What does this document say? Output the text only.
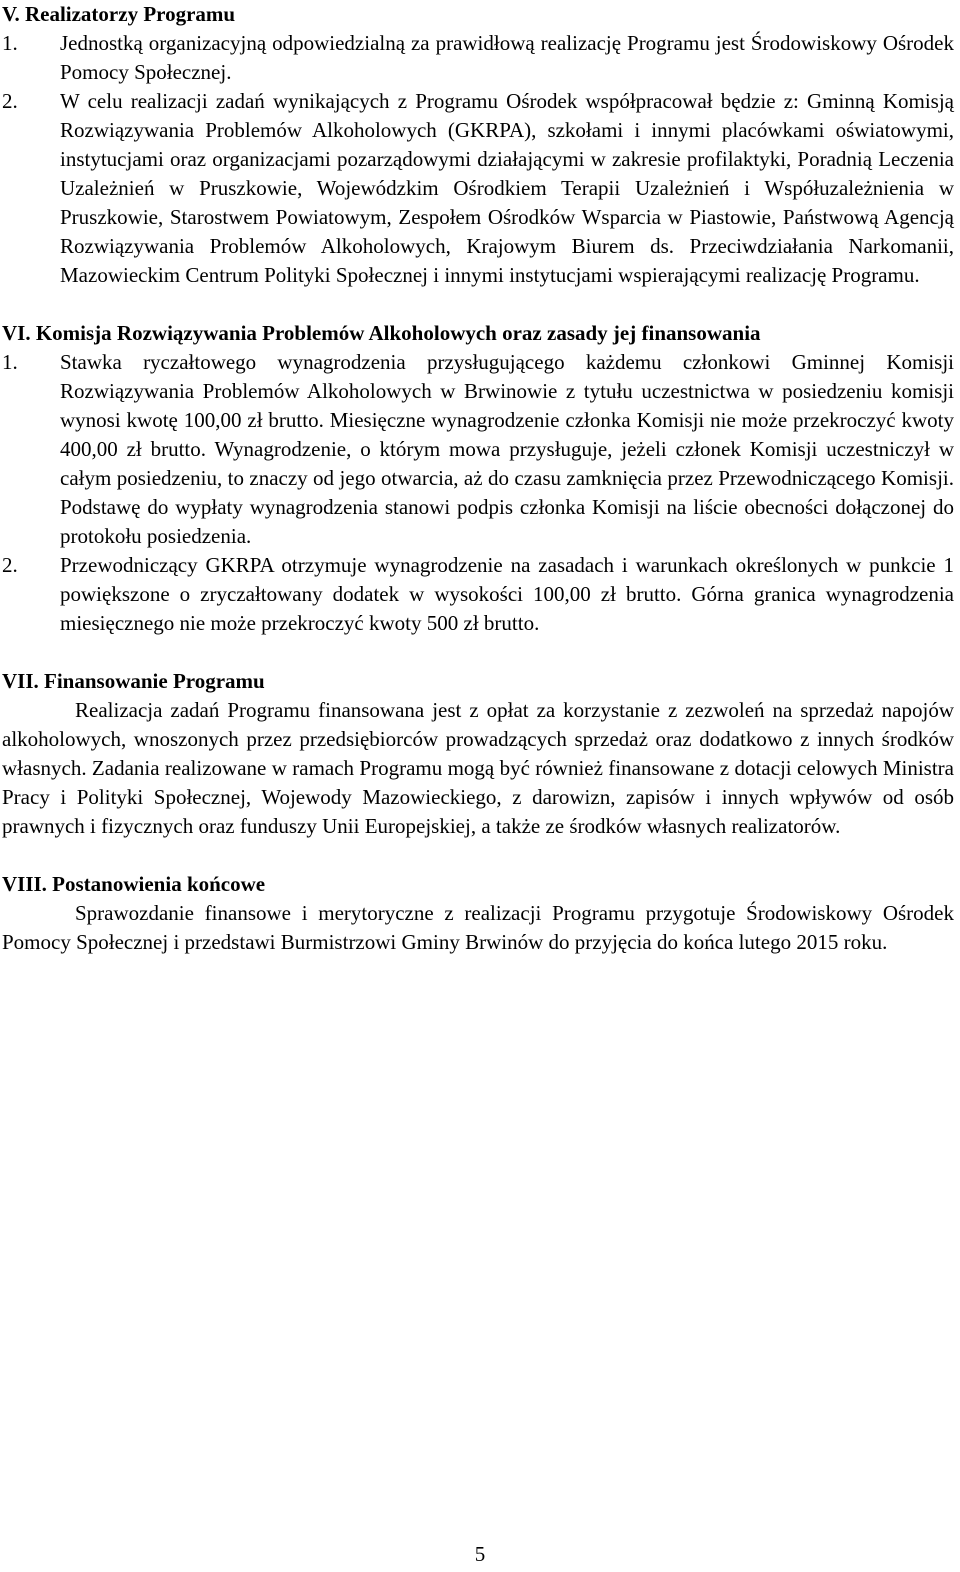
V. Realizatorzy Programu
1. Jednostką organizacyjną odpowiedzialną za prawidłową realizację Programu jest Środowiskowy Ośrodek Pomocy Społecznej.
2. W celu realizacji zadań wynikających z Programu Ośrodek współpracował będzie z: Gminną Komisją Rozwiązywania Problemów Alkoholowych (GKRPA), szkołami i innymi placówkami oświatowymi, instytucjami oraz organizacjami pozarządowymi działającymi w zakresie profilaktyki, Poradnią Leczenia Uzależnień w Pruszkowie, Wojewódzkim Ośrodkiem Terapii Uzależnień i Współuzależnienia w Pruszkowie, Starostwem Powiatowym, Zespołem Ośrodków Wsparcia w Piastowie, Państwową Agencją Rozwiązywania Problemów Alkoholowych, Krajowym Biurem ds. Przeciwdziałania Narkomanii, Mazowieckim Centrum Polityki Społecznej i innymi instytucjami wspierającymi realizację Programu.
VI. Komisja Rozwiązywania Problemów Alkoholowych oraz zasady jej finansowania
1. Stawka ryczałtowego wynagrodzenia przysługującego każdemu członkowi Gminnej Komisji Rozwiązywania Problemów Alkoholowych w Brwinowie z tytułu uczestnictwa w posiedzeniu komisji wynosi kwotę 100,00 zł brutto. Miesięczne wynagrodzenie członka Komisji nie może przekroczyć kwoty 400,00 zł brutto. Wynagrodzenie, o którym mowa przysługuje, jeżeli członek Komisji uczestniczył w całym posiedzeniu, to znaczy od jego otwarcia, aż do czasu zamknięcia przez Przewodniczącego Komisji. Podstawę do wypłaty wynagrodzenia stanowi podpis członka Komisji na liście obecności dołączonej do protokołu posiedzenia.
2. Przewodniczący GKRPA otrzymuje wynagrodzenie na zasadach i warunkach określonych w punkcie 1 powiększone o zryczałtowany dodatek w wysokości 100,00 zł brutto. Górna granica wynagrodzenia miesięcznego nie może przekroczyć kwoty 500 zł brutto.
VII. Finansowanie Programu

Realizacja zadań Programu finansowana jest z opłat za korzystanie z zezwoleń na sprzedaż napojów alkoholowych, wnoszonych przez przedsiębiorców prowadzących sprzedaż oraz dodatkowo z innych środków własnych. Zadania realizowane w ramach Programu mogą być również finansowane z dotacji celowych Ministra Pracy i Polityki Społecznej, Wojewody Mazowieckiego, z darowizn, zapisów i innych wpływów od osób prawnych i fizycznych oraz funduszy Unii Europejskiej, a także ze środków własnych realizatorów.

VIII. Postanowienia końcowe

Sprawozdanie finansowe i merytoryczne z realizacji Programu przygotuje Środowiskowy Ośrodek Pomocy Społecznej i przedstawi Burmistrzowi Gminy Brwinów do przyjęcia do końca lutego 2015 roku.

5
